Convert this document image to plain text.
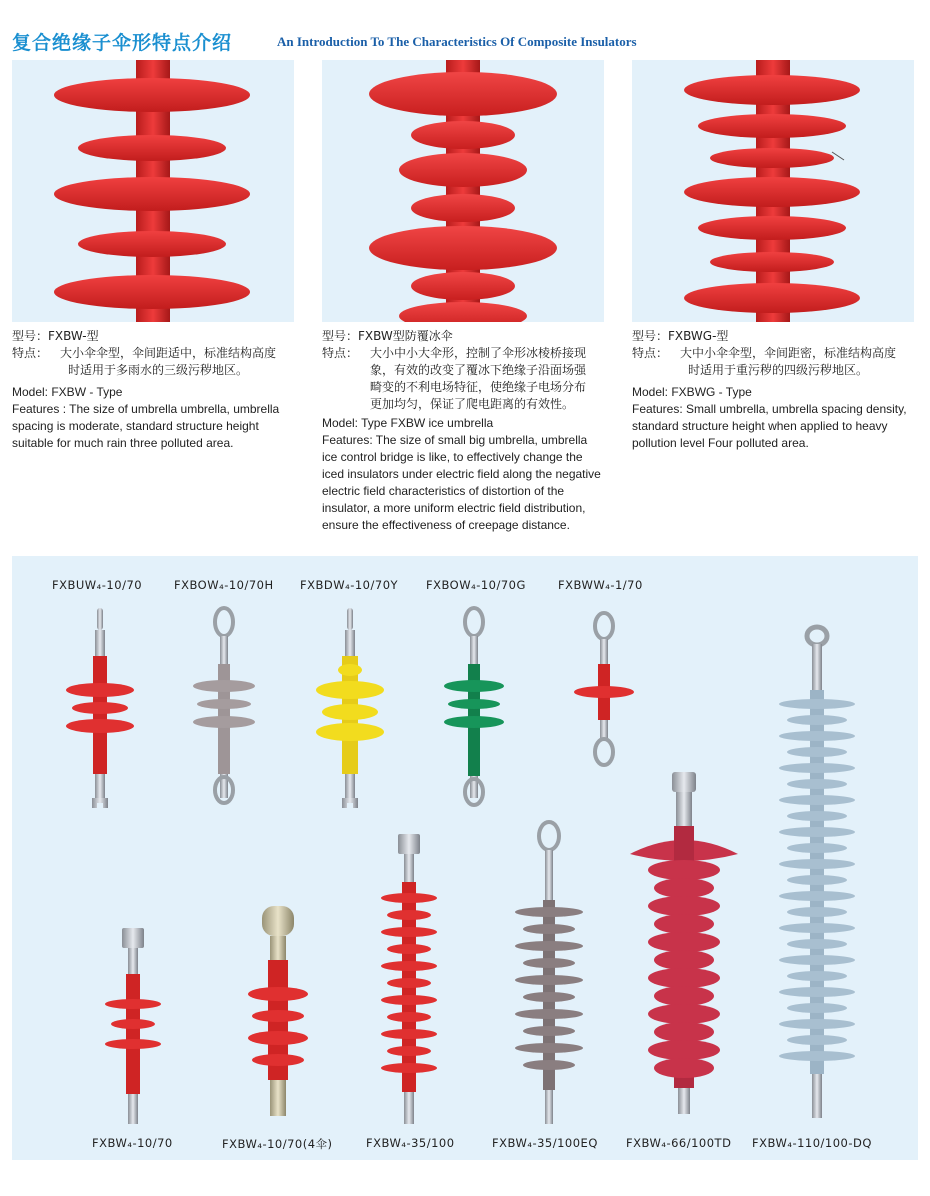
复合绝缘子伞形特点介绍	An Introduction To The Characteristics Of Composite Insulators
型号：FXBW-型
特点： 大小伞伞型，伞间距适中，标准结构高度
时适用于多雨水的三级污秽地区。
Model: FXBW - Type
Features : The size of umbrella umbrella, umbrella spacing is moderate, standard structure height suitable for much rain three polluted area.
型号：FXBW型防覆冰伞
特点： 大小中小大伞形，控制了伞形冰棱桥接现
象，有效的改变了覆冰下绝缘子沿面场强
畸变的不利电场特征，使绝缘子电场分布
更加均匀，保证了爬电距离的有效性。
Model: Type FXBW ice umbrella
Features: The size of small big umbrella, umbrella ice control bridge is like, to effectively change the iced insulators under electric field along the negative electric field characteristics of distortion of the insulator, a more uniform electric field distribution, ensure the effectiveness of creepage distance.
型号：FXBWG-型
特点： 大中小伞伞型，伞间距密，标准结构高度
时适用于重污秽的四级污秽地区。
Model: FXBWG - Type
Features: Small umbrella, umbrella spacing density, standard structure height when applied to heavy pollution level Four polluted area.
FXBUW₄-10/70	FXBOW₄-10/70H FXBDW₄-10/70Y FXBOW₄-10/70G	FXBWW₄-1/70
FXBW₄-10/70	FXBW₄-10/70(4伞)	FXBW₄-35/100	FXBW₄-35/100EQ FXBW₄-66/100TD FXBW₄-110/100-DQ
